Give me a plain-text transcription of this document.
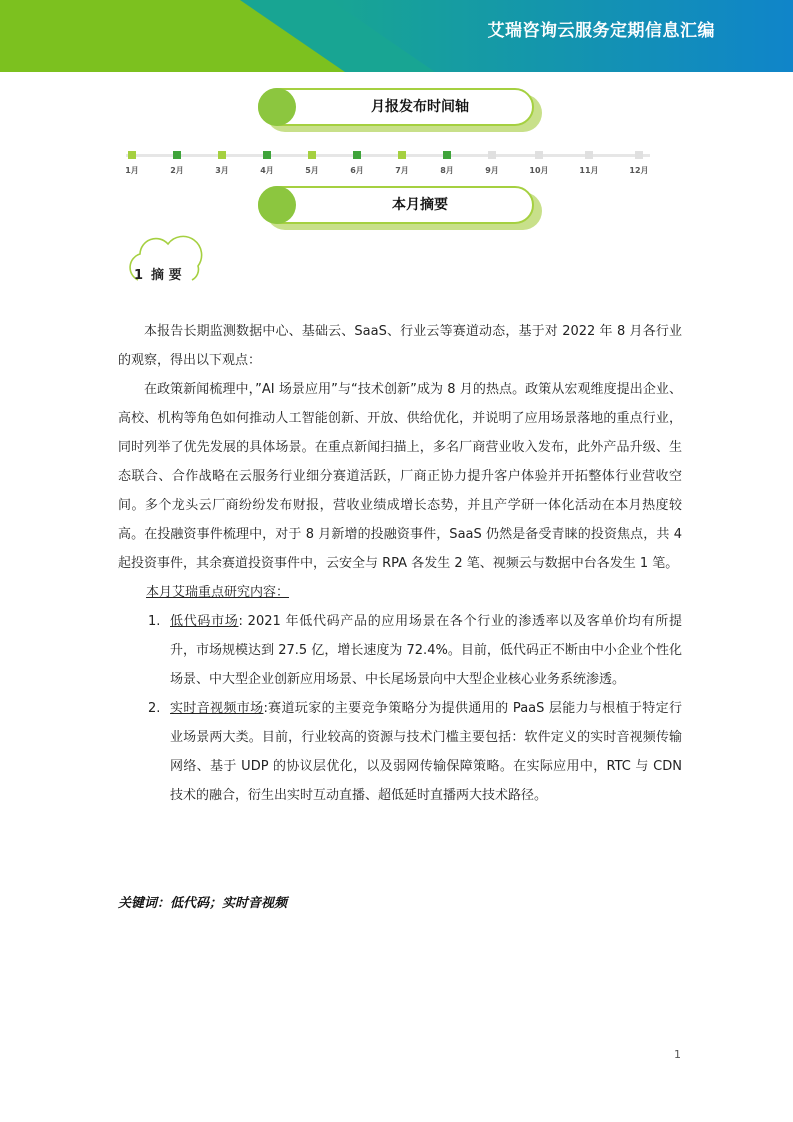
艾瑞咨询云服务定期信息汇编
月报发布时间轴
1月	2月	3月	4月	5月	6月	7月	8月	9月	10月	11月	12月
本月摘要
1 摘 要

本报告长期监测数据中心、基础云、SaaS、行业云等赛道动态，基于对 2022 年 8 月各行业的观察，得出以下观点：

在政策新闻梳理中，”AI 场景应用”与“技术创新”成为 8 月的热点。政策从宏观维度提出企业、高校、机构等角色如何推动人工智能创新、开放、供给优化，并说明了应用场景落地的重点行业，同时列举了优先发展的具体场景。在重点新闻扫描上，多名厂商营业收入发布，此外产品升级、生态联合、合作战略在云服务行业细分赛道活跃，厂商正协力提升客户体验并开拓整体行业营收空间。多个龙头云厂商纷纷发布财报，营收业绩成增长态势，并且产学研一体化活动在本月热度较高。在投融资事件梳理中，对于 8 月新增的投融资事件，SaaS 仍然是备受青睐的投资焦点，共 4 起投资事件，其余赛道投资事件中，云安全与 RPA 各发生 2 笔、视频云与数据中台各发生 1 笔。

本月艾瑞重点研究内容：
1. 低代码市场: 2021 年低代码产品的应用场景在各个行业的渗透率以及客单价均有所提升，市场规模达到 27.5 亿，增长速度为 72.4%。目前，低代码正不断由中小企业个性化场景、中大型企业创新应用场景、中长尾场景向中大型企业核心业务系统渗透。
2. 实时音视频市场:赛道玩家的主要竞争策略分为提供通用的 PaaS 层能力与根植于特定行业场景两大类。目前，行业较高的资源与技术门槛主要包括：软件定义的实时音视频传输网络、基于 UDP 的协议层优化，以及弱网传输保障策略。在实际应用中，RTC 与 CDN 技术的融合，衍生出实时互动直播、超低延时直播两大技术路径。
关键词：低代码；实时音视频
1
